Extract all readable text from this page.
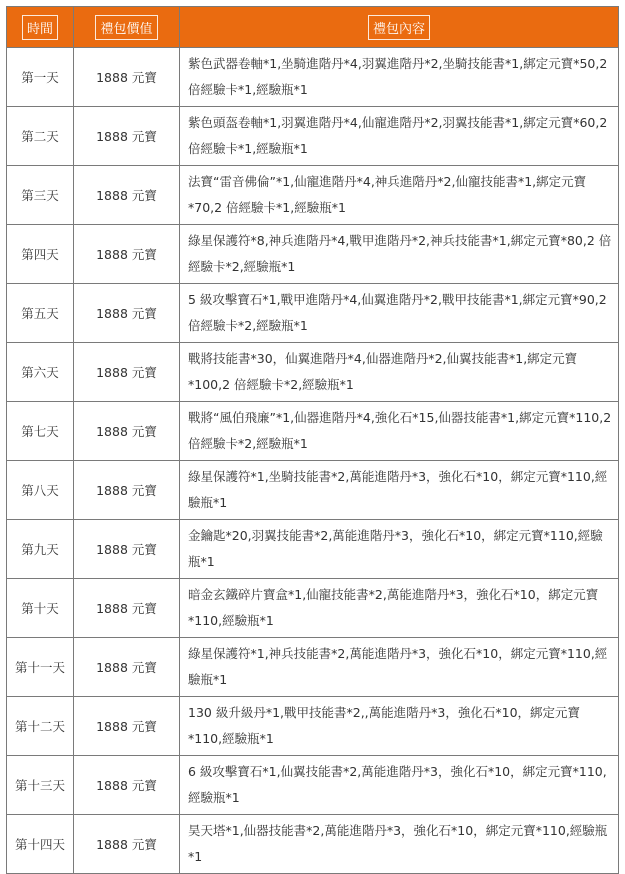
時間	禮包價值	禮包內容
第一天	1888 元寶	紫色武器卷軸*1,坐騎進階丹*4,羽翼進階丹*2,坐騎技能書*1,綁定元寶*50,2 倍經驗卡*1,經驗瓶*1
第二天	1888 元寶	紫色頭盔卷軸*1,羽翼進階丹*4,仙寵進階丹*2,羽翼技能書*1,綁定元寶*60,2 倍經驗卡*1,經驗瓶*1
第三天	1888 元寶	法寶“雷音佛倫”*1,仙寵進階丹*4,神兵進階丹*2,仙寵技能書*1,綁定元寶*70,2 倍經驗卡*1,經驗瓶*1
第四天	1888 元寶	綠星保護符*8,神兵進階丹*4,戰甲進階丹*2,神兵技能書*1,綁定元寶*80,2 倍經驗卡*2,經驗瓶*1
第五天	1888 元寶	5 級攻擊寶石*1,戰甲進階丹*4,仙翼進階丹*2,戰甲技能書*1,綁定元寶*90,2 倍經驗卡*2,經驗瓶*1
第六天	1888 元寶	戰將技能書*30，仙翼進階丹*4,仙器進階丹*2,仙翼技能書*1,綁定元寶*100,2 倍經驗卡*2,經驗瓶*1
第七天	1888 元寶	戰將“風伯飛廉”*1,仙器進階丹*4,強化石*15,仙器技能書*1,綁定元寶*110,2 倍經驗卡*2,經驗瓶*1
第八天	1888 元寶	綠星保護符*1,坐騎技能書*2,萬能進階丹*3，強化石*10，綁定元寶*110,經驗瓶*1
第九天	1888 元寶	金鑰匙*20,羽翼技能書*2,萬能進階丹*3，強化石*10，綁定元寶*110,經驗瓶*1
第十天	1888 元寶	暗金玄鐵碎片寶盒*1,仙寵技能書*2,萬能進階丹*3，強化石*10，綁定元寶*110,經驗瓶*1
第十一天	1888 元寶	綠星保護符*1,神兵技能書*2,萬能進階丹*3，強化石*10，綁定元寶*110,經驗瓶*1
第十二天	1888 元寶	130 級升級丹*1,戰甲技能書*2,,萬能進階丹*3，強化石*10，綁定元寶*110,經驗瓶*1
第十三天	1888 元寶	6 級攻擊寶石*1,仙翼技能書*2,萬能進階丹*3，強化石*10，綁定元寶*110,經驗瓶*1
第十四天	1888 元寶	昊天塔*1,仙器技能書*2,萬能進階丹*3，強化石*10，綁定元寶*110,經驗瓶*1
